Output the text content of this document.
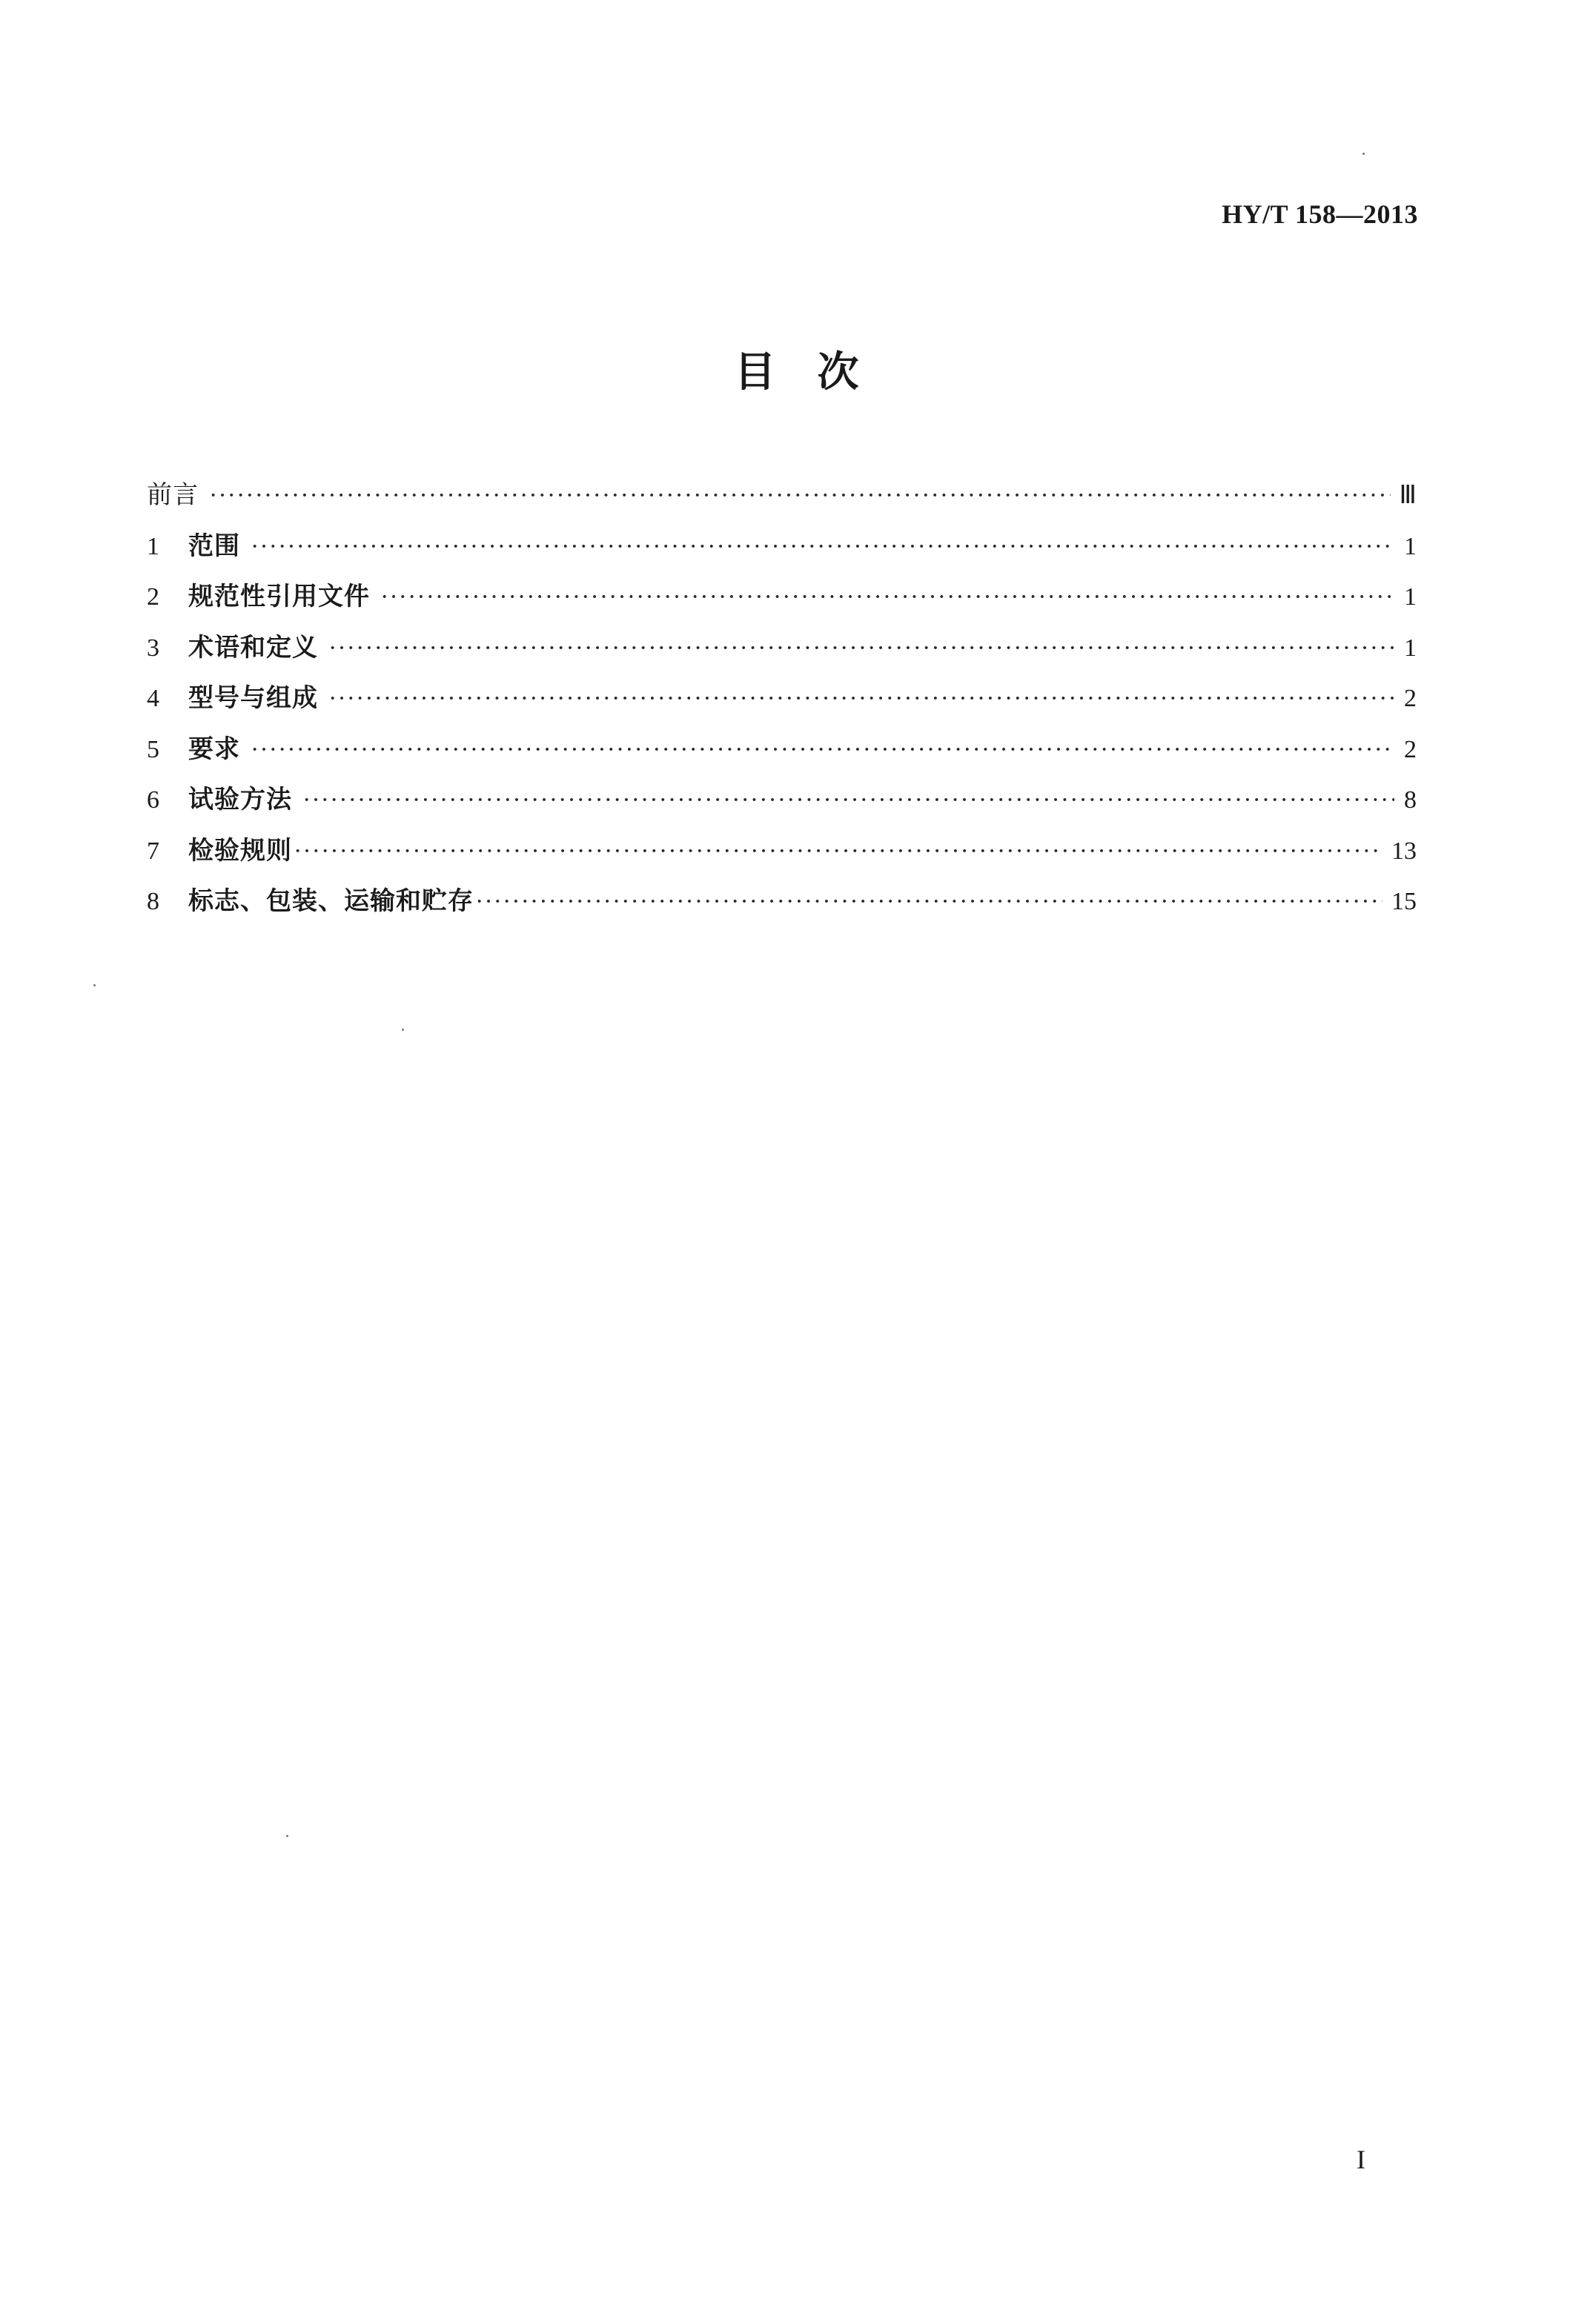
HY/T 158—2013
目　次
前言 ·····	Ⅲ
1	范围 ·····	1
2	规范性引用文件 ·····	1
3	术语和定义 ·····	1
4	型号与组成 ·····	2
5	要求 ·····	2
6	试验方法 ·····	8
7	检验规则 ·····	13
8	标志、包装、运输和贮存 ·····	15
I
